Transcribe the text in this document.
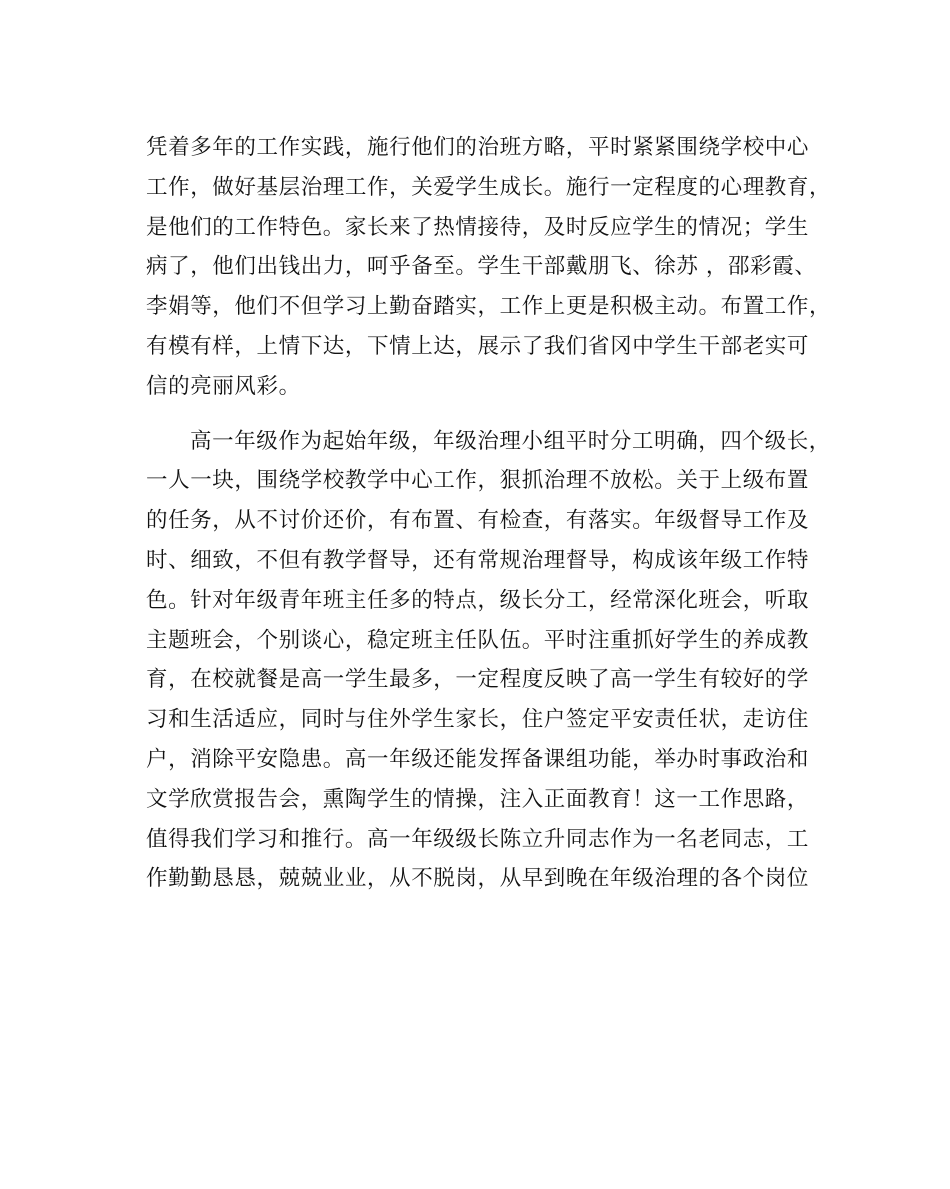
凭着多年的工作实践，施行他们的治班方略，平时紧紧围绕学校中心
工作，做好基层治理工作，关爱学生成长。施行一定程度的心理教育，
是他们的工作特色。家长来了热情接待，及时反应学生的情况；学生
病了，他们出钱出力，呵乎备至。学生干部戴朋飞、徐苏 ，邵彩霞、
李娟等，他们不但学习上勤奋踏实，工作上更是积极主动。布置工作，
有模有样，上情下达，下情上达，展示了我们省冈中学生干部老实可
信的亮丽风彩。
高一年级作为起始年级，年级治理小组平时分工明确，四个级长，
一人一块，围绕学校教学中心工作，狠抓治理不放松。关于上级布置
的任务，从不讨价还价，有布置、有检查，有落实。年级督导工作及
时、细致，不但有教学督导，还有常规治理督导，构成该年级工作特
色。针对年级青年班主任多的特点，级长分工，经常深化班会，听取
主题班会，个别谈心，稳定班主任队伍。平时注重抓好学生的养成教
育，在校就餐是高一学生最多，一定程度反映了高一学生有较好的学
习和生活适应，同时与住外学生家长，住户签定平安责任状，走访住
户，消除平安隐患。高一年级还能发挥备课组功能，举办时事政治和
文学欣赏报告会，熏陶学生的情操，注入正面教育！这一工作思路，
值得我们学习和推行。高一年级级长陈立升同志作为一名老同志，工
作勤勤恳恳，兢兢业业，从不脱岗，从早到晚在年级治理的各个岗位
